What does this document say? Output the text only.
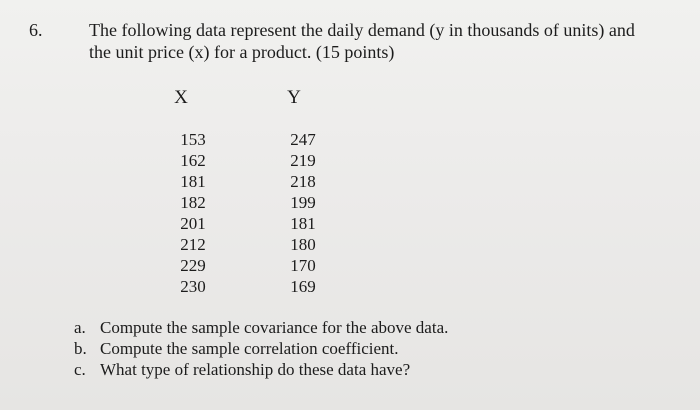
6.	The following data represent the daily demand (y in thousands of units) and
the unit price (x) for a product. (15 points)
X	Y
153
162
181
182
201
212
229
230
247
219
218
199
181
180
170
169
a. Compute the sample covariance for the above data.
b. Compute the sample correlation coefficient.
c. What type of relationship do these data have?
